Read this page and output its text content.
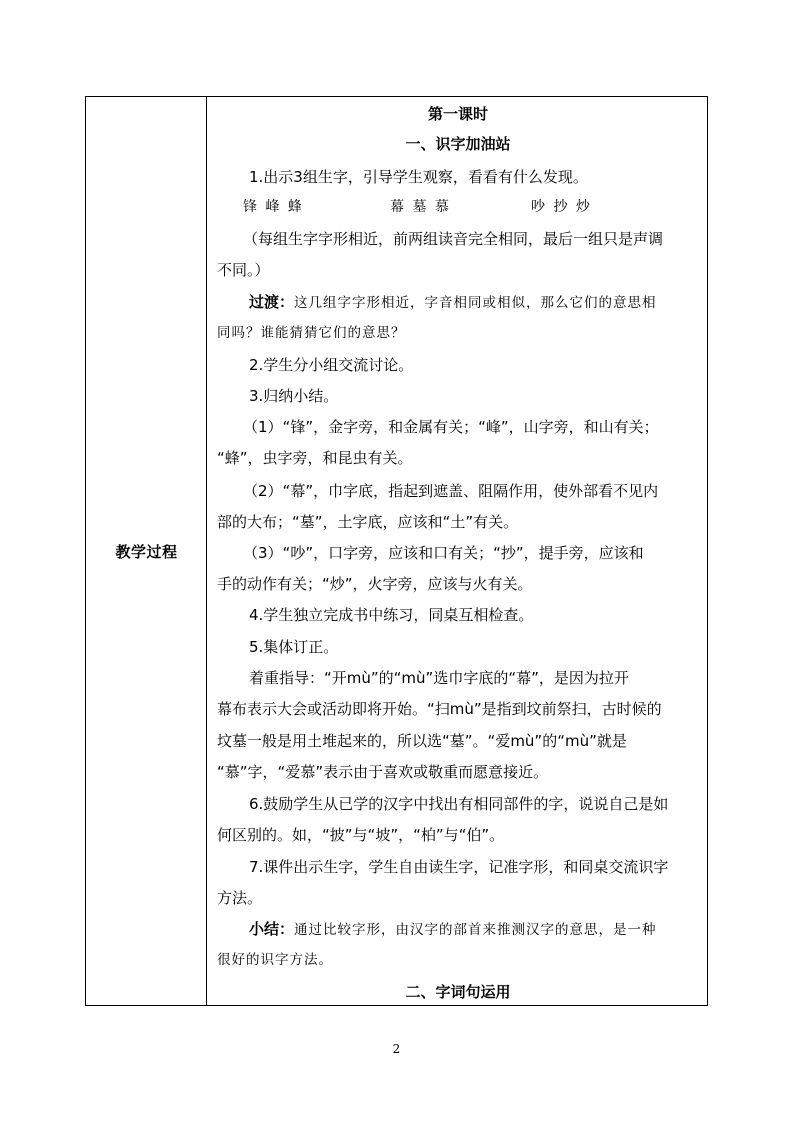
教学过程
第一课时
一、识字加油站
1.出示3组生字，引导学生观察，看看有什么发现。
锋 峰 蜂	幕 墓 慕	吵 抄 炒
（每组生字字形相近，前两组读音完全相同，最后一组只是声调
不同。）
过渡：这几组字字形相近，字音相同或相似，那么它们的意思相
同吗？谁能猜猜它们的意思？
2.学生分小组交流讨论。
3.归纳小结。
（1）“锋”，金字旁，和金属有关；“峰”，山字旁，和山有关；
“蜂”，虫字旁，和昆虫有关。
（2）“幕”，巾字底，指起到遮盖、阻隔作用，使外部看不见内
部的大布；“墓”，土字底，应该和“土”有关。
（3）“吵”，口字旁，应该和口有关；“抄”，提手旁，应该和
手的动作有关；“炒”，火字旁，应该与火有关。
4.学生独立完成书中练习，同桌互相检查。
5.集体订正。
着重指导：“开mù”的“mù”选巾字底的“幕”，是因为拉开
幕布表示大会或活动即将开始。“扫mù”是指到坟前祭扫，古时候的
坟墓一般是用土堆起来的，所以选“墓”。“爱mù”的“mù”就是
“慕”字，“爱慕”表示由于喜欢或敬重而愿意接近。
6.鼓励学生从已学的汉字中找出有相同部件的字，说说自己是如
何区别的。如，“披”与“坡”，“柏”与“伯”。
7.课件出示生字，学生自由读生字，记准字形，和同桌交流识字
方法。
小结：通过比较字形，由汉字的部首来推测汉字的意思，是一种
很好的识字方法。
二、字词句运用
2
